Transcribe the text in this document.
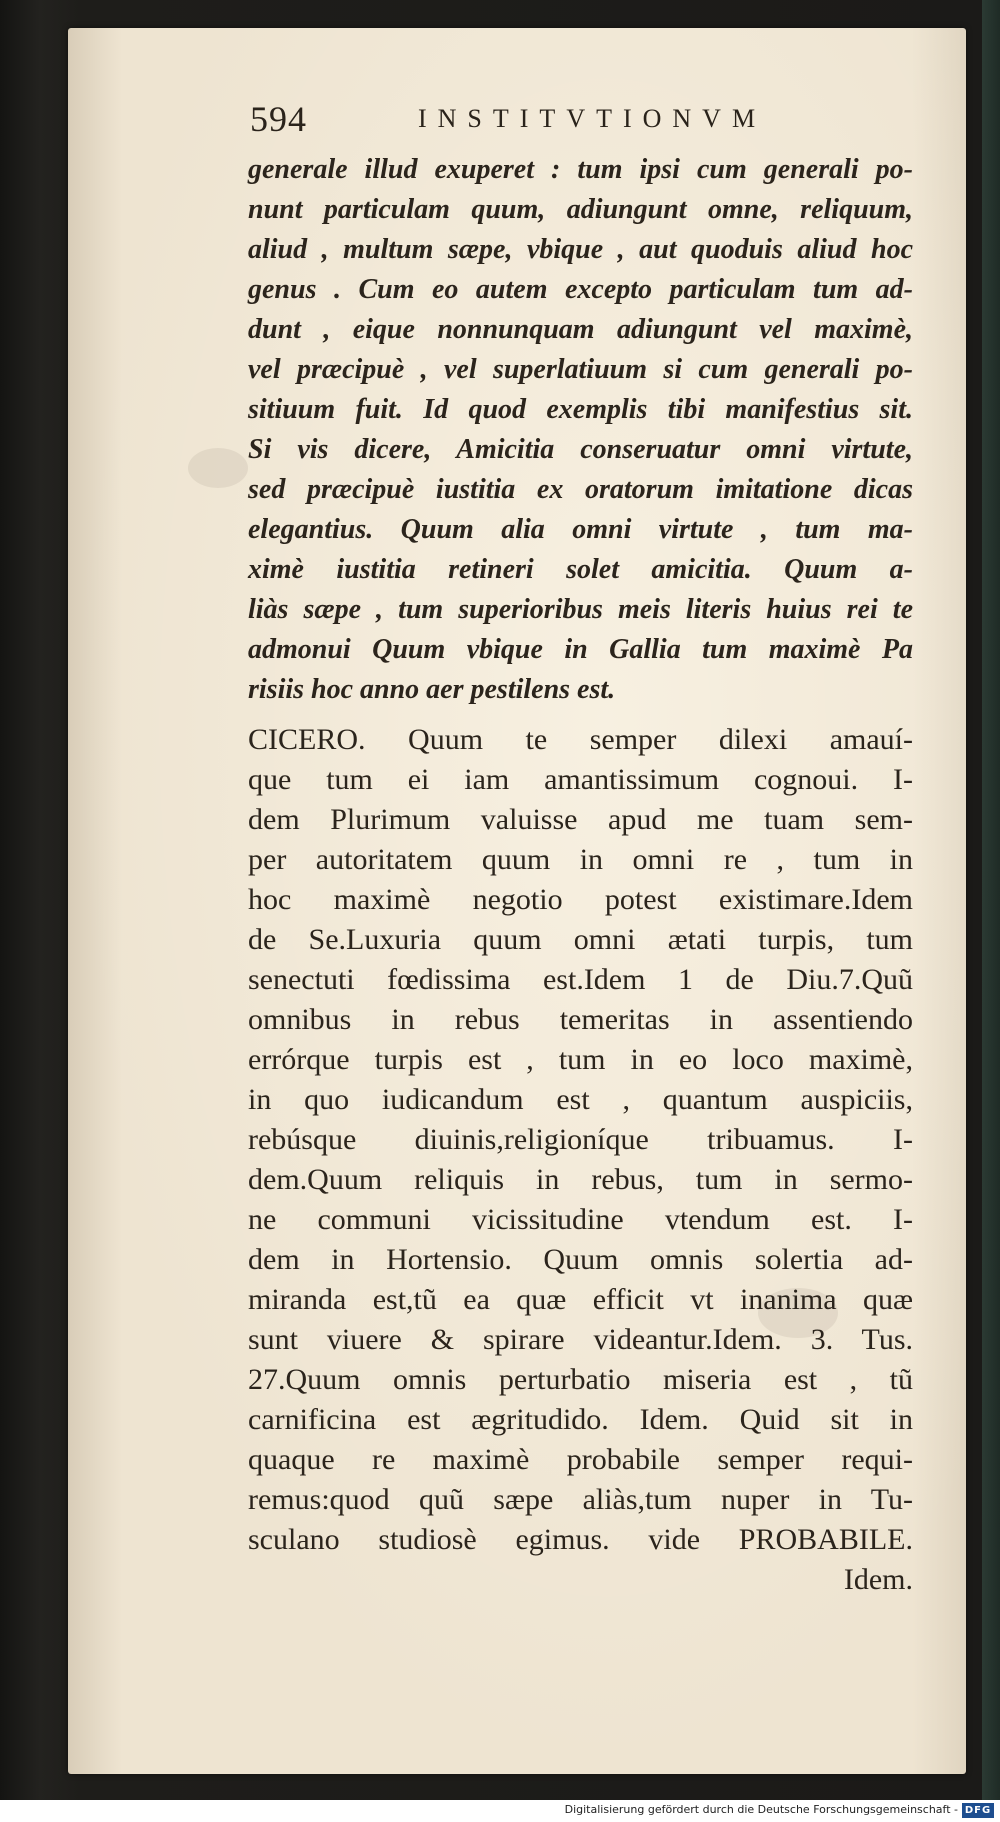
594	INSTITVTIONVM
generale illud exuperet : tum ipsi cum generali po-
nunt particulam quum, adiungunt omne, reliquum,
aliud , multum sæpe, vbique , aut quoduis aliud hoc
genus . Cum eo autem excepto particulam tum ad-
dunt , eique nonnunquam adiungunt vel maximè,
vel præcipuè , vel superlatiuum si cum generali po-
sitiuum fuit. Id quod exemplis tibi manifestius sit.
Si vis dicere, Amicitia conseruatur omni virtute,
sed præcipuè iustitia ex oratorum imitatione dicas
elegantius. Quum alia omni virtute , tum ma-
ximè iustitia retineri solet amicitia. Quum a-
liàs sæpe , tum superioribus meis literis huius rei te
admonui Quum vbique in Gallia tum maximè Pa
risiis hoc anno aer pestilens est.
CICERO. Quum te semper dilexi amauí-
que tum ei iam amantissimum cognoui. I-
dem Plurimum valuisse apud me tuam sem-
per autoritatem quum in omni re , tum in
hoc maximè negotio potest existimare.Idem
de Se.Luxuria quum omni ætati turpis, tum
senectuti fœdissima est.Idem 1 de Diu.7.Quũ
omnibus in rebus temeritas in assentiendo
errórque turpis est , tum in eo loco maximè,
in quo iudicandum est , quantum auspiciis,
rebúsque diuinis,religioníque tribuamus. I-
dem.Quum reliquis in rebus, tum in sermo-
ne communi vicissitudine vtendum est. I-
dem in Hortensio. Quum omnis solertia ad-
miranda est,tũ ea quæ efficit vt inanima quæ
sunt viuere & spirare videantur.Idem. 3. Tus.
27.Quum omnis perturbatio miseria est , tũ
carnificina est ægritudido. Idem. Quid sit in
quaque re maximè probabile semper requi-
remus:quod quũ sæpe aliàs,tum nuper in Tu-
sculano studiosè egimus. vide PROBABILE.
Idem.
Digitalisierung gefördert durch die Deutsche Forschungsgemeinschaft - DFG
